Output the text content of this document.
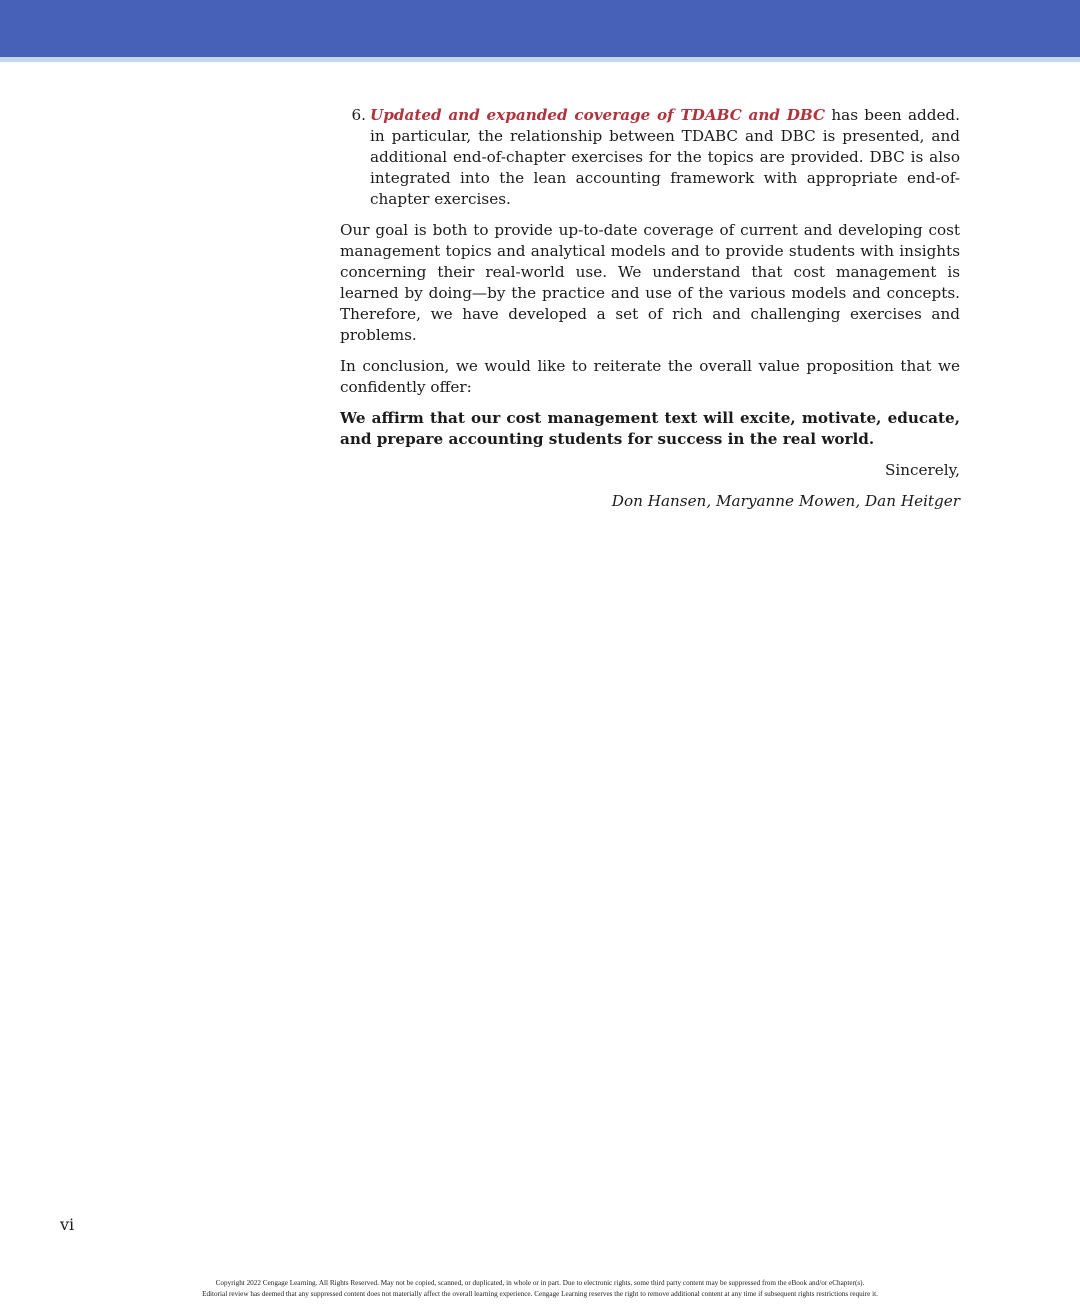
6. Updated and expanded coverage of TDABC and DBC has been added. in particular, the relationship between TDABC and DBC is presented, and additional end-of-chapter exercises for the topics are provided. DBC is also integrated into the lean accounting framework with appropriate end-of-chapter exercises.

Our goal is both to provide up-to-date coverage of current and developing cost management topics and analytical models and to provide students with insights concerning their real-world use. We understand that cost management is learned by doing—by the practice and use of the various models and concepts. Therefore, we have developed a set of rich and challenging exercises and problems.

In conclusion, we would like to reiterate the overall value proposition that we confidently offer:

We affirm that our cost management text will excite, motivate, educate, and prepare accounting students for success in the real world.

Sincerely,

Don Hansen, Maryanne Mowen, Dan Heitger

vi
Copyright 2022 Cengage Learning. All Rights Reserved. May not be copied, scanned, or duplicated, in whole or in part. Due to electronic rights, some third party content may be suppressed from the eBook and/or eChapter(s).
Editorial review has deemed that any suppressed content does not materially affect the overall learning experience. Cengage Learning reserves the right to remove additional content at any time if subsequent rights restrictions require it.
